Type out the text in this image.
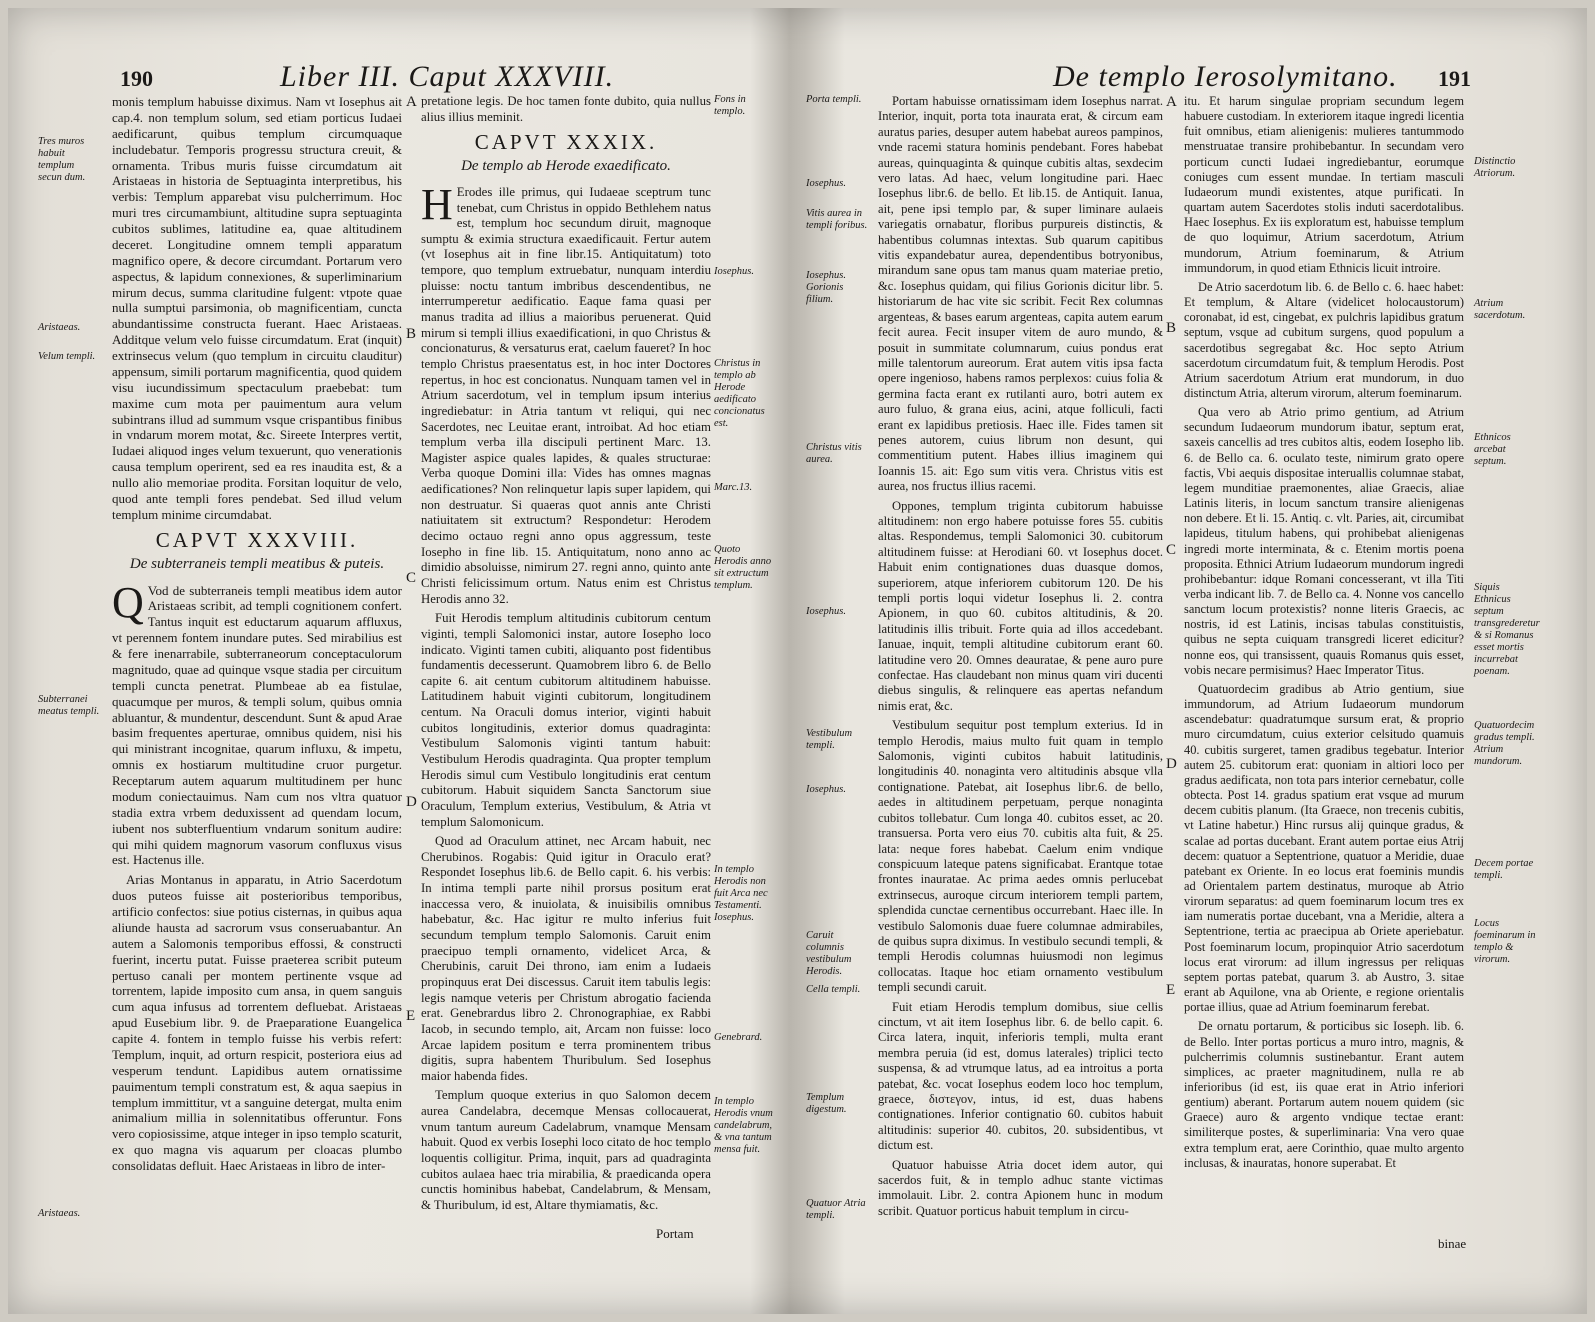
190	Liber III. Caput XXXVIII.

monis templum habuisse diximus. Nam vt Iosephus ait cap.4. non templum solum, sed etiam porticus Iudaei aedificarunt, quibus templum circumquaque includebatur. Temporis progressu structura creuit, & ornamenta. Tribus muris fuisse circumdatum ait Aristaeas in historia de Septuaginta interpretibus, his verbis: Templum apparebat visu pulcherrimum. Hoc muri tres circumambiunt, altitudine supra septuaginta cubitos sublimes, latitudine ea, quae altitudinem deceret. Longitudine omnem templi apparatum magnifico opere, & decore circumdant. Portarum vero aspectus, & lapidum connexiones, & superliminarium mirum decus, summa claritudine fulgent: vtpote quae nulla sumptui parsimonia, ob magnificentiam, cuncta abundantissime constructa fuerant. Haec Aristaeas. Additque velum velo fuisse circumdatum. Erat (inquit) extrinsecus velum (quo templum in circuitu clauditur) appensum, simili portarum magnificentia, quod quidem visu iucundissimum spectaculum praebebat: tum maxime cum mota per pauimentum aura velum subintrans illud ad summum vsque crispantibus finibus in vndarum morem motat, &c. Sireete Interpres vertit, Iudaei aliquod inges velum texuerunt, quo venerationis causa templum operirent, sed ea res inaudita est, & a nullo alio memoriae prodita. Forsitan loquitur de velo, quod ante templi fores pendebat. Sed illud velum templum minime circumdabat.

CAPVT XXXVIII.
De subterraneis templi meatibus & puteis.

QVod de subterraneis templi meatibus idem autor Aristaeas scribit, ad templi cognitionem confert. Tantus inquit est eductarum aquarum affluxus, vt perennem fontem inundare putes. Sed mirabilius est & fere inenarrabile, subterraneorum conceptaculorum magnitudo, quae ad quinque vsque stadia per circuitum templi cuncta penetrat. Plumbeae ab ea fistulae, quacumque per muros, & templi solum, quibus omnia abluantur, & mundentur, descendunt. Sunt & apud Arae basim frequentes aperturae, omnibus quidem, nisi his qui ministrant incognitae, quarum influxu, & impetu, omnis ex hostiarum multitudine cruor purgetur. Receptarum autem aquarum multitudinem per hunc modum coniectauimus. Nam cum nos vltra quatuor stadia extra vrbem deduxissent ad quendam locum, iubent nos subterfluentium vndarum sonitum audire: qui mihi quidem magnorum vasorum confluxus visus est. Hactenus ille.

Arias Montanus in apparatu, in Atrio Sacerdotum duos puteos fuisse ait posterioribus temporibus, artificio confectos: siue potius cisternas, in quibus aqua aliunde hausta ad sacrorum vsus conseruabantur. An autem a Salomonis temporibus effossi, & constructi fuerint, incertu putat. Fuisse praeterea scribit puteum pertuso canali per montem pertinente vsque ad torrentem, lapide imposito cum ansa, in quem sanguis cum aqua infusus ad torrentem defluebat. Aristaeas apud Eusebium libr. 9. de Praeparatione Euangelica capite 4. fontem in templo fuisse his verbis refert: Templum, inquit, ad orturn respicit, posteriora eius ad vesperum tendunt. Lapidibus autem ornatissime pauimentum templi constratum est, & aqua saepius in templum immittitur, vt a sanguine detergat, multa enim animalium millia in solennitatibus offeruntur. Fons vero copiosissime, atque integer in ipso templo scaturit, ex quo magna vis aquarum per cloacas plumbo consolidatas defluit. Haec Aristaeas in libro de inter-

pretatione legis. De hoc tamen fonte dubito, quia nullus alius illius meminit.

CAPVT XXXIX.
De templo ab Herode exaedificato.

HErodes ille primus, qui Iudaeae sceptrum tunc tenebat, cum Christus in oppido Bethlehem natus est, templum hoc secundum diruit, magnoque sumptu & eximia structura exaedificauit. Fertur autem (vt Iosephus ait in fine libr.15. Antiquitatum) toto tempore, quo templum extruebatur, nunquam interdiu pluisse: noctu tantum imbribus descendentibus, ne interrumperetur aedificatio. Eaque fama quasi per manus tradita ad illius a maioribus peruenerat. Quid mirum si templi illius exaedificationi, in quo Christus & concionaturus, & versaturus erat, caelum faueret? In hoc templo Christus praesentatus est, in hoc inter Doctores repertus, in hoc est concionatus. Nunquam tamen vel in Atrium sacerdotum, vel in templum ipsum interius ingrediebatur: in Atria tantum vt reliqui, qui nec Sacerdotes, nec Leuitae erant, introibat. Ad hoc etiam templum verba illa discipuli pertinent Marc. 13. Magister aspice quales lapides, & quales structurae: Verba quoque Domini illa: Vides has omnes magnas aedificationes? Non relinquetur lapis super lapidem, qui non destruatur. Si quaeras quot annis ante Christi natiuitatem sit extructum? Respondetur: Herodem decimo octauo regni anno opus aggressum, teste Iosepho in fine lib. 15. Antiquitatum, nono anno ac dimidio absoluisse, nimirum 27. regni anno, quinto ante Christi felicissimum ortum. Natus enim est Christus Herodis anno 32.

Fuit Herodis templum altitudinis cubitorum centum viginti, templi Salomonici instar, autore Iosepho loco indicato. Viginti tamen cubiti, aliquanto post fidentibus fundamentis decesserunt. Quamobrem libro 6. de Bello capite 6. ait centum cubitorum altitudinem habuisse. Latitudinem habuit viginti cubitorum, longitudinem centum. Na Oraculi domus interior, viginti habuit cubitos longitudinis, exterior domus quadraginta: Vestibulum Salomonis viginti tantum habuit: Vestibulum Herodis quadraginta. Qua propter templum Herodis simul cum Vestibulo longitudinis erat centum cubitorum. Habuit siquidem Sancta Sanctorum siue Oraculum, Templum exterius, Vestibulum, & Atria vt templum Salomonicum.

Quod ad Oraculum attinet, nec Arcam habuit, nec Cherubinos. Rogabis: Quid igitur in Oraculo erat? Respondet Iosephus lib.6. de Bello capit. 6. his verbis: In intima templi parte nihil prorsus positum erat inaccessa vero, & inuiolata, & inuisibilis omnibus habebatur, &c. Hac igitur re multo inferius fuit secundum templum templo Salomonis. Caruit enim praecipuo templi ornamento, videlicet Arca, & Cherubinis, caruit Dei throno, iam enim a Iudaeis propinquus erat Dei discessus. Caruit item tabulis legis: legis namque veteris per Christum abrogatio facienda erat. Genebrardus libro 2. Chronographiae, ex Rabbi Iacob, in secundo templo, ait, Arcam non fuisse: loco Arcae lapidem positum e terra prominentem tribus digitis, supra habentem Thuribulum. Sed Iosephus maior habenda fides.

Templum quoque exterius in quo Salomon decem aurea Candelabra, decemque Mensas collocauerat, vnum tantum aureum Cadelabrum, vnamque Mensam habuit. Quod ex verbis Iosephi loco citato de hoc templo loquentis colligitur. Prima, inquit, pars ad quadraginta cubitos aulaea haec tria mirabilia, & praedicanda opera cunctis hominibus habebat, Candelabrum, & Mensam, & Thuribulum, id est, Altare thymiamatis, &c.

Portam
Tres muros habuit templum secun dum.
Aristaeas.
Velum templi.
Subterranei meatus templi.
Aristaeas.
Fons in templo.
Iosephus.
Christus in templo ab Herode aedificato concionatus est.
Marc.13.
Quoto Herodis anno sit extructum templum.
In templo Herodis non fuit Arca nec Testamenti. Iosephus.
Genebrard.
In templo Herodis vnum candelabrum, & vna tantum mensa fuit.
A
B
C
D
E
De templo Ierosolymitano. 191

Portam habuisse ornatissimam idem Iosephus narrat. Interior, inquit, porta tota inaurata erat, & circum eam auratus paries, desuper autem habebat aureos pampinos, vnde racemi statura hominis pendebant. Fores habebat aureas, quinquaginta & quinque cubitis altas, sexdecim vero latas. Ad haec, velum longitudine pari. Haec Iosephus libr.6. de bello. Et lib.15. de Antiquit. Ianua, ait, pene ipsi templo par, & super liminare aulaeis variegatis ornabatur, floribus purpureis distinctis, & habentibus columnas intextas. Sub quarum capitibus vitis expandebatur aurea, dependentibus botryonibus, mirandum sane opus tam manus quam materiae pretio, &c. Iosephus quidam, qui filius Gorionis dicitur libr. 5. historiarum de hac vite sic scribit. Fecit Rex columnas argenteas, & bases earum argenteas, capita autem earum fecit aurea. Fecit insuper vitem de auro mundo, & posuit in summitate columnarum, cuius pondus erat mille talentorum aureorum. Erat autem vitis ipsa facta opere ingenioso, habens ramos perplexos: cuius folia & germina facta erant ex rutilanti auro, botri autem ex auro fuluo, & grana eius, acini, atque folliculi, facti erant ex lapidibus pretiosis. Haec ille. Fides tamen sit penes autorem, cuius librum non desunt, qui commentitium putent. Habes illius imaginem qui Ioannis 15. ait: Ego sum vitis vera. Christus vitis est aurea, nos fructus illius racemi.

Oppones, templum triginta cubitorum habuisse altitudinem: non ergo habere potuisse fores 55. cubitis altas. Respondemus, templi Salomonici 30. cubitorum altitudinem fuisse: at Herodiani 60. vt Iosephus docet. Habuit enim contignationes duas duasque domos, superiorem, atque inferiorem cubitorum 120. De his templi portis loqui videtur Iosephus li. 2. contra Apionem, in quo 60. cubitos altitudinis, & 20. latitudinis illis tribuit. Forte quia ad illos accedebant. Ianuae, inquit, templi altitudine cubitorum erant 60. latitudine vero 20. Omnes deauratae, & pene auro pure confectae. Has claudebant non minus quam viri ducenti diebus singulis, & relinquere eas apertas nefandum nimis erat, &c.

Vestibulum sequitur post templum exterius. Id in templo Herodis, maius multo fuit quam in templo Salomonis, viginti cubitos habuit latitudinis, longitudinis 40. nonaginta vero altitudinis absque vlla contignatione. Patebat, ait Iosephus libr.6. de bello, aedes in altitudinem perpetuam, perque nonaginta cubitos tollebatur. Cum longa 40. cubitos esset, ac 20. transuersa. Porta vero eius 70. cubitis alta fuit, & 25. lata: neque fores habebat. Caelum enim vndique conspicuum lateque patens significabat. Erantque totae frontes inauratae. Ac prima aedes omnis perlucebat extrinsecus, auroque circum interiorem templi partem, splendida cunctae cernentibus occurrebant. Haec ille. In vestibulo Salomonis duae fuere columnae admirabiles, de quibus supra diximus. In vestibulo secundi templi, & templi Herodis columnas huiusmodi non legimus collocatas. Itaque hoc etiam ornamento vestibulum templi secundi caruit.

Fuit etiam Herodis templum domibus, siue cellis cinctum, vt ait item Iosephus libr. 6. de bello capit. 6. Circa latera, inquit, inferioris templi, multa erant membra peruia (id est, domus laterales) triplici tecto suspensa, & ad vtrumque latus, ad ea introitus a porta patebat, &c. vocat Iosephus eodem loco hoc templum, graece, διστεγον, intus, id est, duas habens contignationes. Inferior contignatio 60. cubitos habuit altitudinis: superior 40. cubitos, 20. subsidentibus, vt dictum est.

Quatuor habuisse Atria docet idem autor, qui sacerdos fuit, & in templo adhuc stante victimas immolauit. Libr. 2. contra Apionem hunc in modum scribit. Quatuor porticus habuit templum in circu-

itu. Et harum singulae propriam secundum legem habuere custodiam. In exteriorem itaque ingredi licentia fuit omnibus, etiam alienigenis: mulieres tantummodo menstruatae transire prohibebantur. In secundam vero porticum cuncti Iudaei ingrediebantur, eorumque coniuges cum essent mundae. In tertiam masculi Iudaeorum mundi existentes, atque purificati. In quartam autem Sacerdotes stolis induti sacerdotalibus. Haec Iosephus. Ex iis exploratum est, habuisse templum de quo loquimur, Atrium sacerdotum, Atrium mundorum, Atrium foeminarum, & Atrium immundorum, in quod etiam Ethnicis licuit introire.

De Atrio sacerdotum lib. 6. de Bello c. 6. haec habet: Et templum, & Altare (videlicet holocaustorum) coronabat, id est, cingebat, ex pulchris lapidibus gratum septum, vsque ad cubitum surgens, quod populum a sacerdotibus segregabat &c. Hoc septo Atrium sacerdotum circumdatum fuit, & templum Herodis. Post Atrium sacerdotum Atrium erat mundorum, in duo distinctum Atria, alterum virorum, alterum foeminarum.

Qua vero ab Atrio primo gentium, ad Atrium secundum Iudaeorum mundorum ibatur, septum erat, saxeis cancellis ad tres cubitos altis, eodem Iosepho lib. 6. de Bello ca. 6. oculato teste, nimirum grato opere factis, Vbi aequis dispositae interuallis columnae stabat, legem munditiae praemonentes, aliae Graecis, aliae Latinis literis, in locum sanctum transire alienigenas non debere. Et li. 15. Antiq. c. vlt. Paries, ait, circumibat lapideus, titulum habens, qui prohibebat alienigenas ingredi morte interminata, & c. Etenim mortis poena proposita. Ethnici Atrium Iudaeorum mundorum ingredi prohibebantur: idque Romani concesserant, vt illa Titi verba indicant lib. 7. de Bello ca. 4. Nonne vos cancello sanctum locum protexistis? nonne literis Graecis, ac nostris, id est Latinis, incisas tabulas constituistis, quibus ne septa cuiquam transgredi liceret edicitur? nonne eos, qui transissent, quauis Romanus quis esset, vobis necare permisimus? Haec Imperator Titus.

Quatuordecim gradibus ab Atrio gentium, siue immundorum, ad Atrium Iudaeorum mundorum ascendebatur: quadratumque sursum erat, & proprio muro circumdatum, cuius exterior celsitudo quamuis 40. cubitis surgeret, tamen gradibus tegebatur. Interior autem 25. cubitorum erat: quoniam in altiori loco per gradus aedificata, non tota pars interior cernebatur, colle obtecta. Post 14. gradus spatium erat vsque ad murum decem cubitis planum. (Ita Graece, non trecenis cubitis, vt Latine habetur.) Hinc rursus alij quinque gradus, & scalae ad portas ducebant. Erant autem portae eius Atrij decem: quatuor a Septentrione, quatuor a Meridie, duae patebant ex Oriente. In eo locus erat foeminis mundis ad Orientalem partem destinatus, muroque ab Atrio virorum separatus: ad quem foeminarum locum tres ex iam numeratis portae ducebant, vna a Meridie, altera a Septentrione, tertia ac praecipua ab Oriete aperiebatur. Post foeminarum locum, propinquior Atrio sacerdotum locus erat virorum: ad illum ingressus per reliquas septem portas patebat, quarum 3. ab Austro, 3. sitae erant ab Aquilone, vna ab Oriente, e regione orientalis portae illius, quae ad Atrium foeminarum ferebat.

De ornatu portarum, & porticibus sic Ioseph. lib. 6. de Bello. Inter portas porticus a muro intro, magnis, & pulcherrimis columnis sustinebantur. Erant autem simplices, ac praeter magnitudinem, nulla re ab inferioribus (id est, iis quae erat in Atrio inferiori gentium) aberant. Portarum autem nouem quidem (sic Graece) auro & argento vndique tectae erant: similiterque postes, & superliminaria: Vna vero quae extra templum erat, aere Corinthio, quae multo argento inclusas, & inauratas, honore superabat. Et

binae
Porta templi.
Iosephus.
Vitis aurea in templi foribus.
Iosephus. Gorionis filium.
Christus vitis aurea.
Iosephus.
Vestibulum templi.
Iosephus.
Caruit columnis vestibulum Herodis.
Cella templi.
Templum digestum.
Quatuor Atria templi.
Distinctio Atriorum.
Atrium sacerdotum.
Ethnicos arcebat septum.
Siquis Ethnicus septum transgrederetur & si Romanus esset mortis incurrebat poenam.
Quatuordecim gradus templi. Atrium mundorum.
Decem portae templi.
Locus foeminarum in templo & virorum.
A
B
C
D
E
